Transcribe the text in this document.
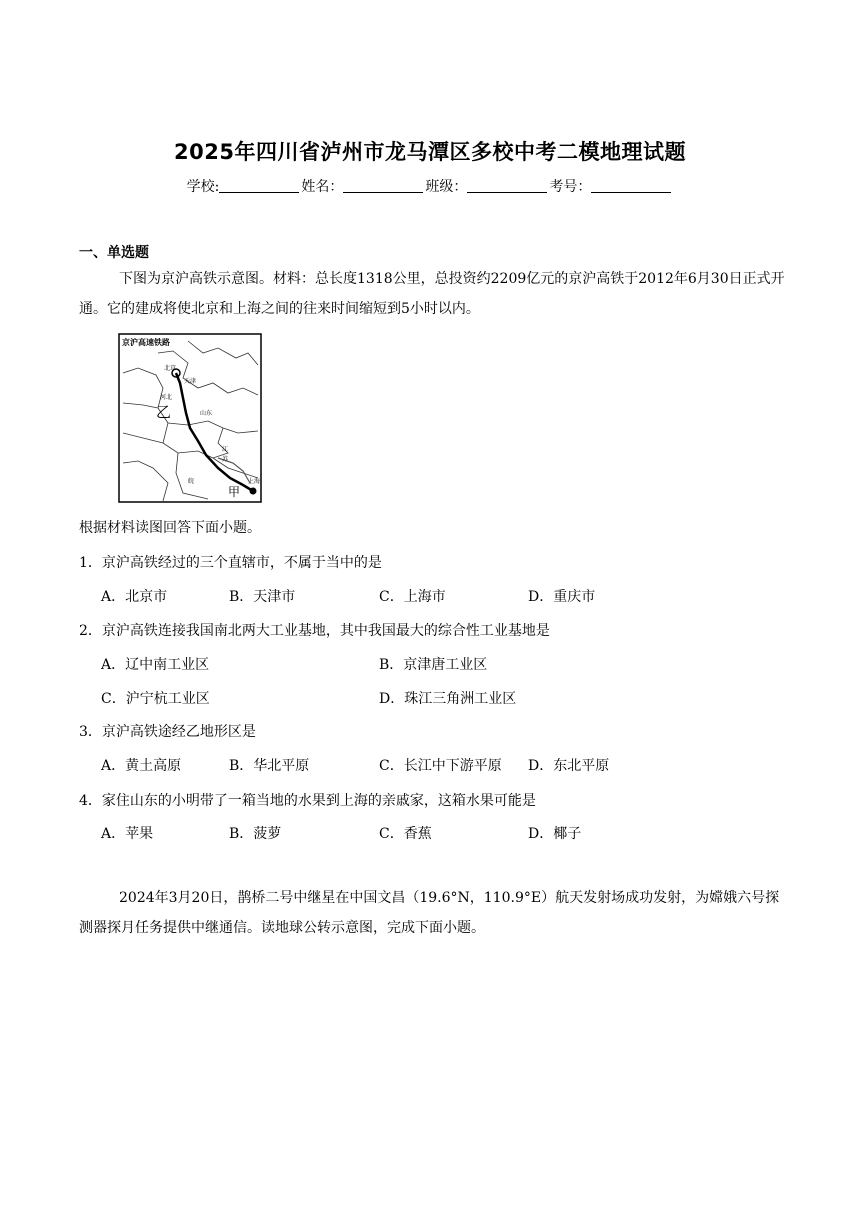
2025年四川省泸州市龙马潭区多校中考二模地理试题
学校:	姓名：	班级：	考号：
一、单选题
下图为京沪高铁示意图。材料：总长度1318公里，总投资约2209亿元的京沪高铁于2012年6月30日正式开通。它的建成将使北京和上海之间的往来时间缩短到5小时以内。
京沪高速铁路
北京
天津
河北
山东
乙
江
苏
皖	上海
甲
根据材料读图回答下面小题。
1．京沪高铁经过的三个直辖市，不属于当中的是
A．北京市	B．天津市	C．上海市	D．重庆市
2．京沪高铁连接我国南北两大工业基地，其中我国最大的综合性工业基地是
A．辽中南工业区	B．京津唐工业区
C．沪宁杭工业区	D．珠江三角洲工业区
3．京沪高铁途经乙地形区是
A．黄土高原	B．华北平原	C．长江中下游平原 D．东北平原
4．家住山东的小明带了一箱当地的水果到上海的亲戚家，这箱水果可能是
A．苹果	B．菠萝	C．香蕉	D．椰子
2024年3月20日，鹊桥二号中继星在中国文昌（19.6°N，110.9°E）航天发射场成功发射，为嫦娥六号探测器探月任务提供中继通信。读地球公转示意图，完成下面小题。
